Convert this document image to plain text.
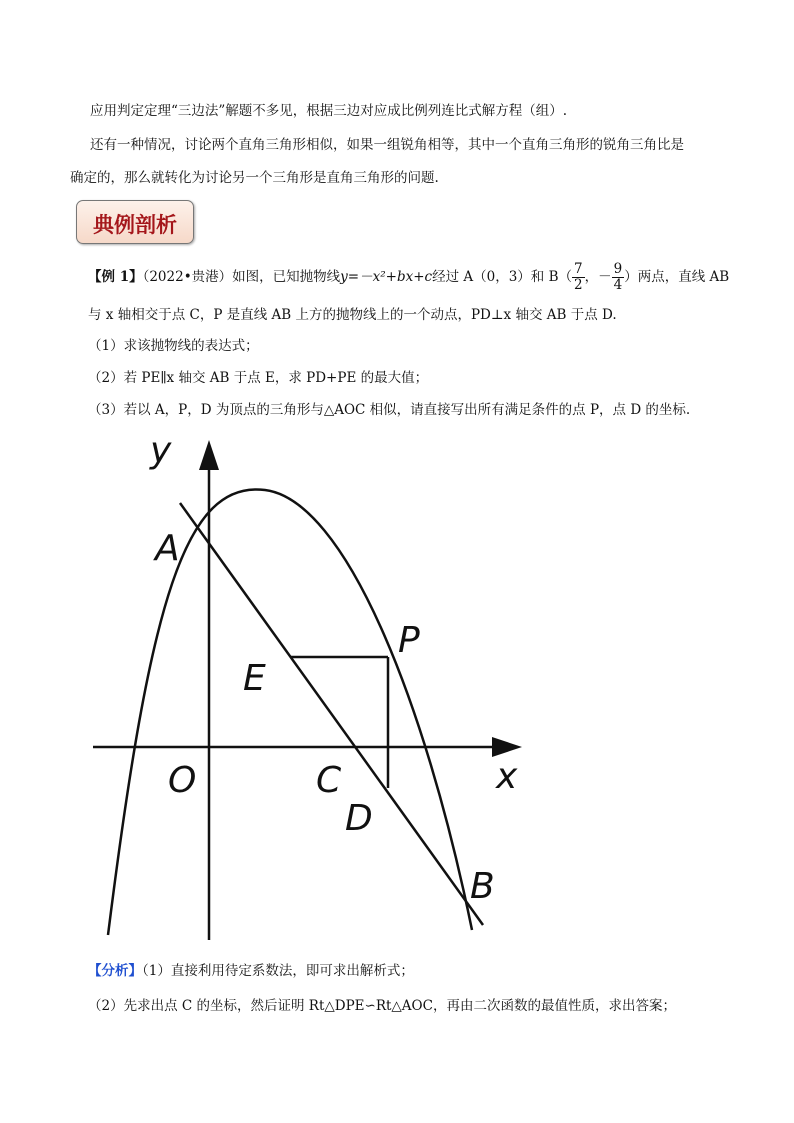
应用判定定理“三边法”解题不多见，根据三边对应成比例列连比式解方程（组）.
还有一种情况，讨论两个直角三角形相似，如果一组锐角相等，其中一个直角三角形的锐角三角比是
确定的，那么就转化为讨论另一个三角形是直角三角形的问题.
典例剖析
【例 1】（2022•贵港）如图，已知抛物线y=－x²+bx+c经过 A（0，3）和 $B( \frac{7}{2}$ ，－ $\frac{9}{4}$ ）两点，直线 AB
与 x 轴相交于点 C，P 是直线 AB 上方的抛物线上的一个动点，PD⊥x 轴交 AB 于点 D.
（1）求该抛物线的表达式；
（2）若 PE∥x 轴交 AB 于点 E，求 PD+PE 的最大值；
（3）若以 A，P，D 为顶点的三角形与△AOC 相似，请直接写出所有满足条件的点 P，点 D 的坐标.
y
A
P
E
O	C	x
D
B
【分析】（1）直接利用待定系数法，即可求出解析式；
（2）先求出点 C 的坐标，然后证明 Rt△DPE∽Rt△AOC，再由二次函数的最值性质，求出答案；
